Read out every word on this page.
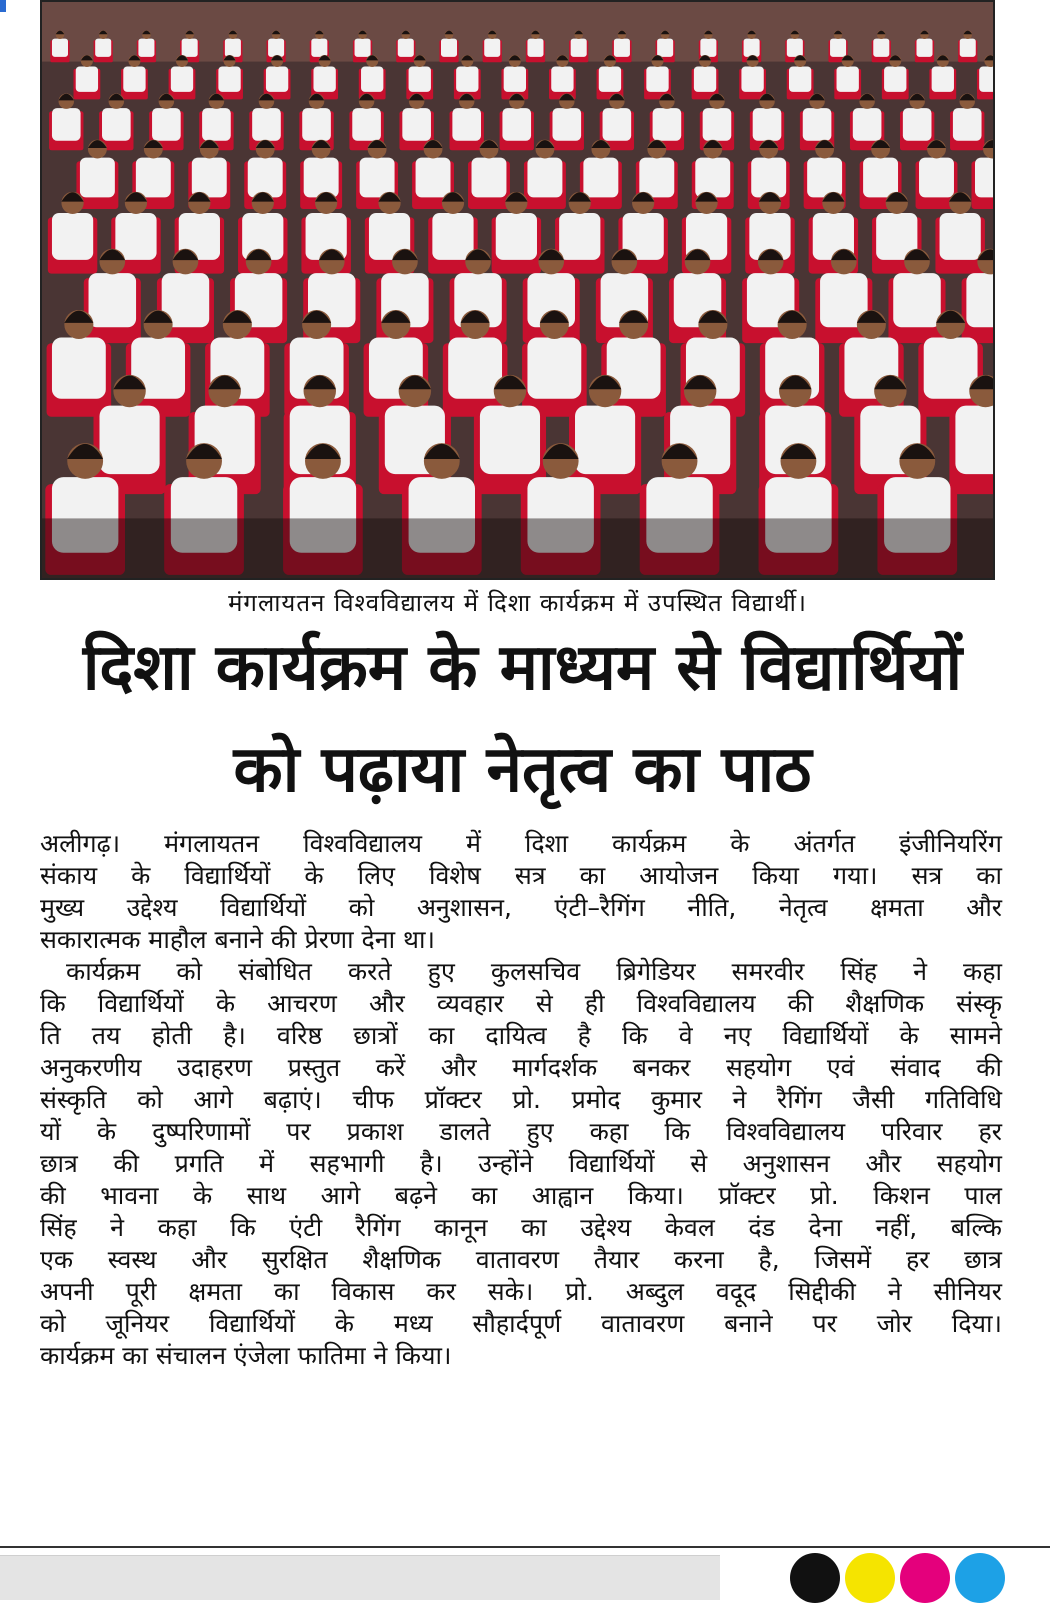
मंगलायतन विश्वविद्यालय में दिशा कार्यक्रम में उपस्थित विद्यार्थी।
दिशा कार्यक्रम के माध्यम से विद्यार्थियों
को पढ़ाया नेतृत्व का पाठ

अलीगढ़। मंगलायतन विश्वविद्यालय में दिशा कार्यक्रम के अंतर्गत इंजीनियरिंग

संकाय के विद्यार्थियों के लिए विशेष सत्र का आयोजन किया गया। सत्र का

मुख्य उद्देश्य विद्यार्थियों को अनुशासन, एंटी–रैगिंग नीति, नेतृत्व क्षमता और

सकारात्मक माहौल बनाने की प्रेरणा देना था।

कार्यक्रम को संबोधित करते हुए कुलसचिव ब्रिगेडियर समरवीर सिंह ने कहा

कि विद्यार्थियों के आचरण और व्यवहार से ही विश्वविद्यालय की शैक्षणिक संस्कृ

ति तय होती है। वरिष्ठ छात्रों का दायित्व है कि वे नए विद्यार्थियों के सामने

अनुकरणीय उदाहरण प्रस्तुत करें और मार्गदर्शक बनकर सहयोग एवं संवाद की

संस्कृति को आगे बढ़ाएं। चीफ प्रॉक्टर प्रो. प्रमोद कुमार ने रैगिंग जैसी गतिविधि

यों के दुष्परिणामों पर प्रकाश डालते हुए कहा कि विश्वविद्यालय परिवार हर

छात्र की प्रगति में सहभागी है। उन्होंने विद्यार्थियों से अनुशासन और सहयोग

की भावना के साथ आगे बढ़ने का आह्वान किया। प्रॉक्टर प्रो. किशन पाल

सिंह ने कहा कि एंटी रैगिंग कानून का उद्देश्य केवल दंड देना नहीं, बल्कि

एक स्वस्थ और सुरक्षित शैक्षणिक वातावरण तैयार करना है, जिसमें हर छात्र

अपनी पूरी क्षमता का विकास कर सके। प्रो. अब्दुल वदूद सिद्दीकी ने सीनियर

को जूनियर विद्यार्थियों के मध्य सौहार्दपूर्ण वातावरण बनाने पर जोर दिया।

कार्यक्रम का संचालन एंजेला फातिमा ने किया।
